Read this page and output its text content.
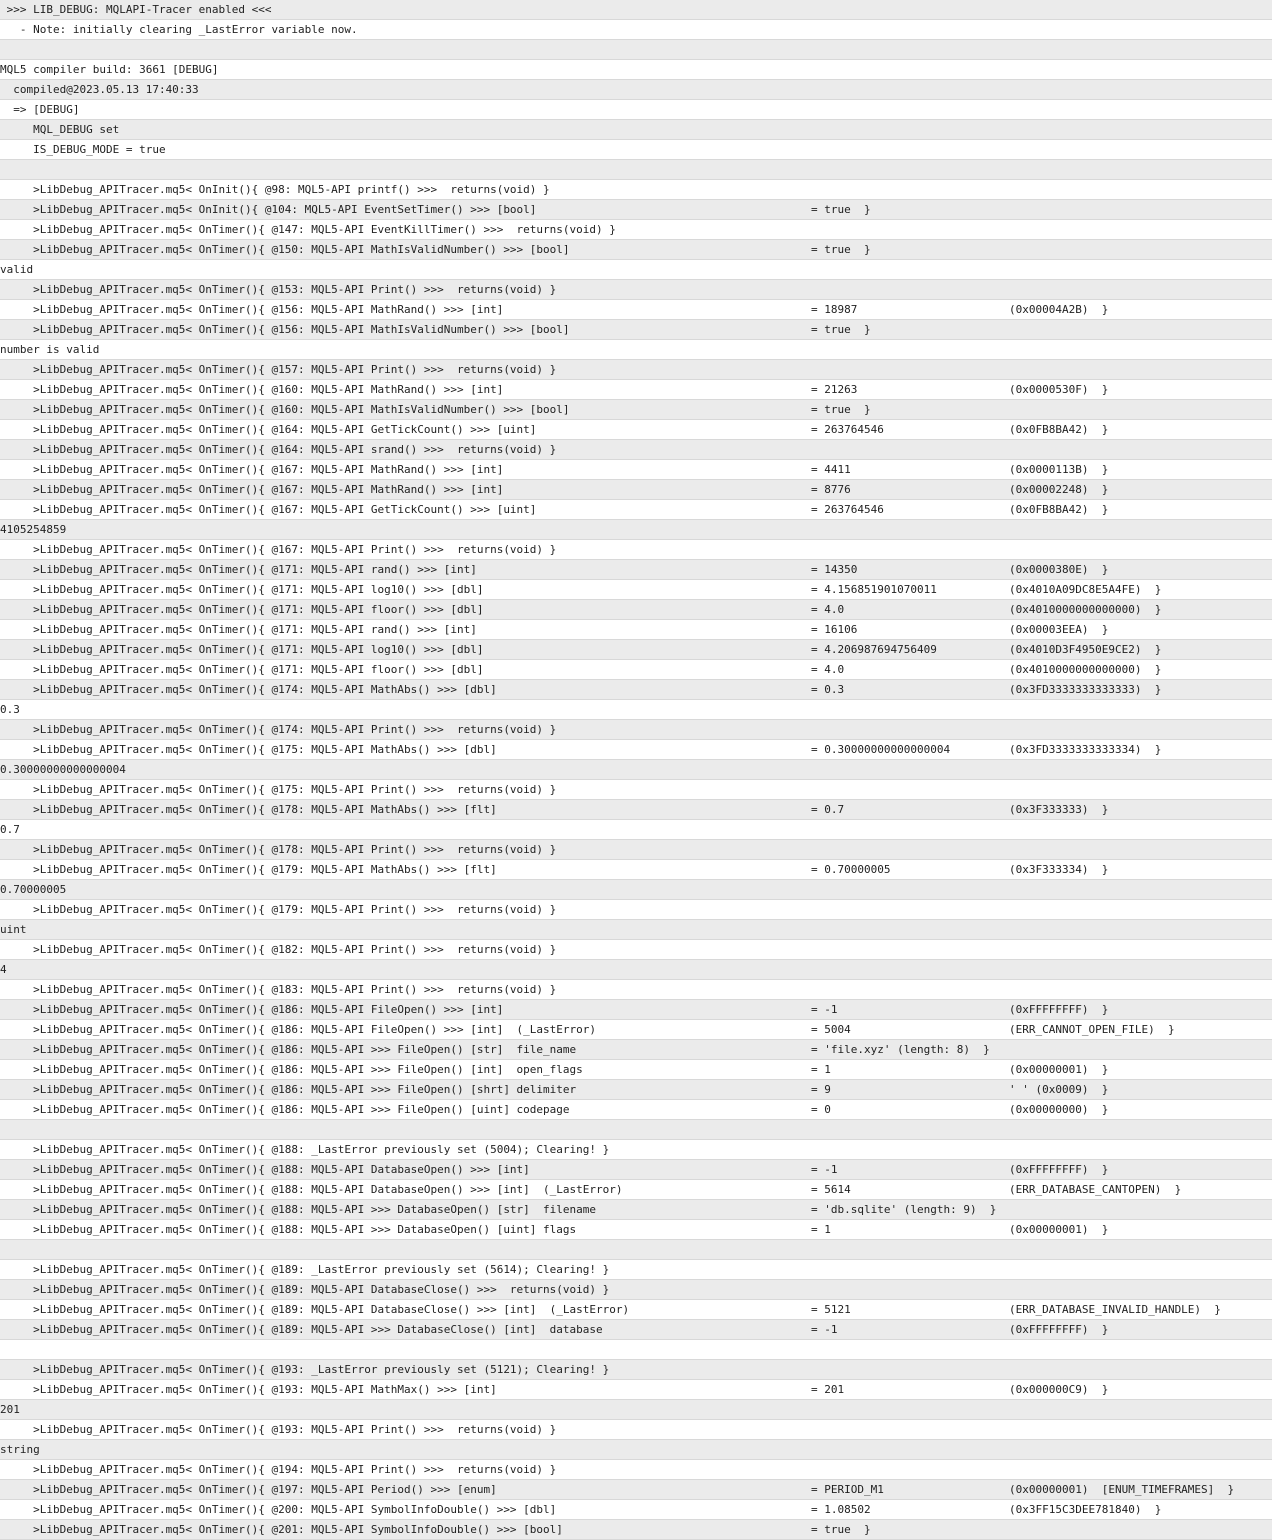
>>> LIB_DEBUG: MQLAPI-Tracer enabled <<<
- Note: initially clearing _LastError variable now.
MQL5 compiler build: 3661 [DEBUG]
compiled@2023.05.13 17:40:33
=> [DEBUG]
MQL_DEBUG set
IS_DEBUG_MODE = true
>LibDebug_APITracer.mq5< OnInit(){ @98: MQL5-API printf() >>>  returns(void) }
>LibDebug_APITracer.mq5< OnInit(){ @104: MQL5-API EventSetTimer() >>> [bool]	= true  }
>LibDebug_APITracer.mq5< OnTimer(){ @147: MQL5-API EventKillTimer() >>>  returns(void) }
>LibDebug_APITracer.mq5< OnTimer(){ @150: MQL5-API MathIsValidNumber() >>> [bool]	= true  }
valid
>LibDebug_APITracer.mq5< OnTimer(){ @153: MQL5-API Print() >>>  returns(void) }
>LibDebug_APITracer.mq5< OnTimer(){ @156: MQL5-API MathRand() >>> [int]	= 18987	(0x00004A2B)  }
>LibDebug_APITracer.mq5< OnTimer(){ @156: MQL5-API MathIsValidNumber() >>> [bool]	= true  }
number is valid
>LibDebug_APITracer.mq5< OnTimer(){ @157: MQL5-API Print() >>>  returns(void) }
>LibDebug_APITracer.mq5< OnTimer(){ @160: MQL5-API MathRand() >>> [int]	= 21263	(0x0000530F)  }
>LibDebug_APITracer.mq5< OnTimer(){ @160: MQL5-API MathIsValidNumber() >>> [bool]	= true  }
>LibDebug_APITracer.mq5< OnTimer(){ @164: MQL5-API GetTickCount() >>> [uint]	= 263764546	(0x0FB8BA42)  }
>LibDebug_APITracer.mq5< OnTimer(){ @164: MQL5-API srand() >>>  returns(void) }
>LibDebug_APITracer.mq5< OnTimer(){ @167: MQL5-API MathRand() >>> [int]	= 4411	(0x0000113B)  }
>LibDebug_APITracer.mq5< OnTimer(){ @167: MQL5-API MathRand() >>> [int]	= 8776	(0x00002248)  }
>LibDebug_APITracer.mq5< OnTimer(){ @167: MQL5-API GetTickCount() >>> [uint]	= 263764546	(0x0FB8BA42)  }
4105254859
>LibDebug_APITracer.mq5< OnTimer(){ @167: MQL5-API Print() >>>  returns(void) }
>LibDebug_APITracer.mq5< OnTimer(){ @171: MQL5-API rand() >>> [int]	= 14350	(0x0000380E)  }
>LibDebug_APITracer.mq5< OnTimer(){ @171: MQL5-API log10() >>> [dbl]	= 4.156851901070011	(0x4010A09DC8E5A4FE)  }
>LibDebug_APITracer.mq5< OnTimer(){ @171: MQL5-API floor() >>> [dbl]	= 4.0	(0x4010000000000000)  }
>LibDebug_APITracer.mq5< OnTimer(){ @171: MQL5-API rand() >>> [int]	= 16106	(0x00003EEA)  }
>LibDebug_APITracer.mq5< OnTimer(){ @171: MQL5-API log10() >>> [dbl]	= 4.206987694756409	(0x4010D3F4950E9CE2)  }
>LibDebug_APITracer.mq5< OnTimer(){ @171: MQL5-API floor() >>> [dbl]	= 4.0	(0x4010000000000000)  }
>LibDebug_APITracer.mq5< OnTimer(){ @174: MQL5-API MathAbs() >>> [dbl]	= 0.3	(0x3FD3333333333333)  }
0.3
>LibDebug_APITracer.mq5< OnTimer(){ @174: MQL5-API Print() >>>  returns(void) }
>LibDebug_APITracer.mq5< OnTimer(){ @175: MQL5-API MathAbs() >>> [dbl]	= 0.30000000000000004	(0x3FD3333333333334)  }
0.30000000000000004
>LibDebug_APITracer.mq5< OnTimer(){ @175: MQL5-API Print() >>>  returns(void) }
>LibDebug_APITracer.mq5< OnTimer(){ @178: MQL5-API MathAbs() >>> [flt]	= 0.7	(0x3F333333)  }
0.7
>LibDebug_APITracer.mq5< OnTimer(){ @178: MQL5-API Print() >>>  returns(void) }
>LibDebug_APITracer.mq5< OnTimer(){ @179: MQL5-API MathAbs() >>> [flt]	= 0.70000005	(0x3F333334)  }
0.70000005
>LibDebug_APITracer.mq5< OnTimer(){ @179: MQL5-API Print() >>>  returns(void) }
uint
>LibDebug_APITracer.mq5< OnTimer(){ @182: MQL5-API Print() >>>  returns(void) }
4
>LibDebug_APITracer.mq5< OnTimer(){ @183: MQL5-API Print() >>>  returns(void) }
>LibDebug_APITracer.mq5< OnTimer(){ @186: MQL5-API FileOpen() >>> [int]	= -1	(0xFFFFFFFF)  }
>LibDebug_APITracer.mq5< OnTimer(){ @186: MQL5-API FileOpen() >>> [int]  (_LastError)	= 5004	(ERR_CANNOT_OPEN_FILE)  }
>LibDebug_APITracer.mq5< OnTimer(){ @186: MQL5-API >>> FileOpen() [str]  file_name	= 'file.xyz' (length: 8)  }
>LibDebug_APITracer.mq5< OnTimer(){ @186: MQL5-API >>> FileOpen() [int]  open_flags	= 1	(0x00000001)  }
>LibDebug_APITracer.mq5< OnTimer(){ @186: MQL5-API >>> FileOpen() [shrt] delimiter	= 9	' ' (0x0009)  }
>LibDebug_APITracer.mq5< OnTimer(){ @186: MQL5-API >>> FileOpen() [uint] codepage	= 0	(0x00000000)  }
>LibDebug_APITracer.mq5< OnTimer(){ @188: _LastError previously set (5004); Clearing! }
>LibDebug_APITracer.mq5< OnTimer(){ @188: MQL5-API DatabaseOpen() >>> [int]	= -1	(0xFFFFFFFF)  }
>LibDebug_APITracer.mq5< OnTimer(){ @188: MQL5-API DatabaseOpen() >>> [int]  (_LastError)	= 5614	(ERR_DATABASE_CANTOPEN)  }
>LibDebug_APITracer.mq5< OnTimer(){ @188: MQL5-API >>> DatabaseOpen() [str]  filename	= 'db.sqlite' (length: 9)  }
>LibDebug_APITracer.mq5< OnTimer(){ @188: MQL5-API >>> DatabaseOpen() [uint] flags	= 1	(0x00000001)  }
>LibDebug_APITracer.mq5< OnTimer(){ @189: _LastError previously set (5614); Clearing! }
>LibDebug_APITracer.mq5< OnTimer(){ @189: MQL5-API DatabaseClose() >>>  returns(void) }
>LibDebug_APITracer.mq5< OnTimer(){ @189: MQL5-API DatabaseClose() >>> [int]  (_LastError)	= 5121	(ERR_DATABASE_INVALID_HANDLE)  }
>LibDebug_APITracer.mq5< OnTimer(){ @189: MQL5-API >>> DatabaseClose() [int]  database	= -1	(0xFFFFFFFF)  }
>LibDebug_APITracer.mq5< OnTimer(){ @193: _LastError previously set (5121); Clearing! }
>LibDebug_APITracer.mq5< OnTimer(){ @193: MQL5-API MathMax() >>> [int]	= 201	(0x000000C9)  }
201
>LibDebug_APITracer.mq5< OnTimer(){ @193: MQL5-API Print() >>>  returns(void) }
string
>LibDebug_APITracer.mq5< OnTimer(){ @194: MQL5-API Print() >>>  returns(void) }
>LibDebug_APITracer.mq5< OnTimer(){ @197: MQL5-API Period() >>> [enum]	= PERIOD_M1	(0x00000001)  [ENUM_TIMEFRAMES]  }
>LibDebug_APITracer.mq5< OnTimer(){ @200: MQL5-API SymbolInfoDouble() >>> [dbl]	= 1.08502	(0x3FF15C3DEE781840)  }
>LibDebug_APITracer.mq5< OnTimer(){ @201: MQL5-API SymbolInfoDouble() >>> [bool]	= true  }
